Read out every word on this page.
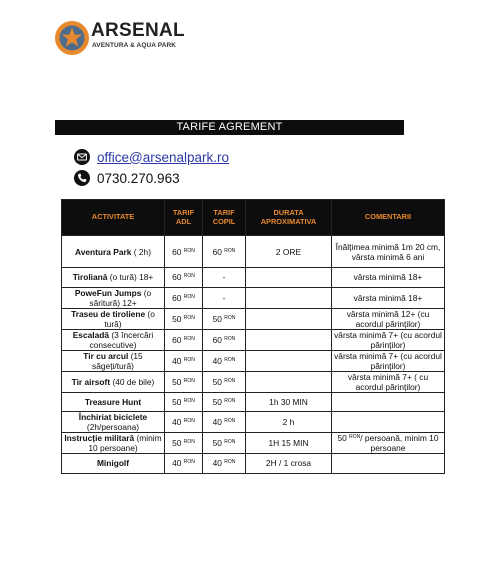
ARSENAL
AVENTURA & AQUA PARK
TARIFE AGREMENT
office@arsenalpark.ro
0730.270.963
ACTIVITATE	TARIF ADL	TARIF COPIL	DURATA APROXIMATIVA	COMENTARII
Aventura Park ( 2h)	60 $^{RON}$	60 $^{RON}$	2 ORE	Înălțimea minimă 1m 20 cm, vârsta minimă 6 ani
Tiroliană (o tură) 18+	60 $^{RON}$	-		vârsta minimă 18+
PoweFun Jumps (o săritură) 12+	60 $^{RON}$	-		vârsta minimă 18+
Traseu de tiroliene (o tură)	50 $^{RON}$	50 $^{RON}$		vârsta minimă 12+ (cu acordul părinților)
Escaladă (3 încercări consecutive)	60 $^{RON}$	60 $^{RON}$		vârsta minimă 7+ (cu acordul părinților)
Tir cu arcul (15 săgeți/tură)	40 $^{RON}$	40 $^{RON}$		vârsta minimă 7+ (cu acordul părinților)
Tir airsoft (40 de bile)	50 $^{RON}$	50 $^{RON}$		vârsta minimă 7+ ( cu acordul părinților)
Treasure Hunt	50 $^{RON}$	50 $^{RON}$	1h 30 MIN	
Închiriat biciclete (2h/persoana)	40 $^{RON}$	40 $^{RON}$	2 h	
Instrucție militară (minim 10 persoane)	50 $^{RON}$	50 $^{RON}$	1H 15 MIN	50 $^{RON}$/ persoană, minim 10 persoane
Minigolf	40 $^{RON}$	40 $^{RON}$	2H / 1 crosa	
